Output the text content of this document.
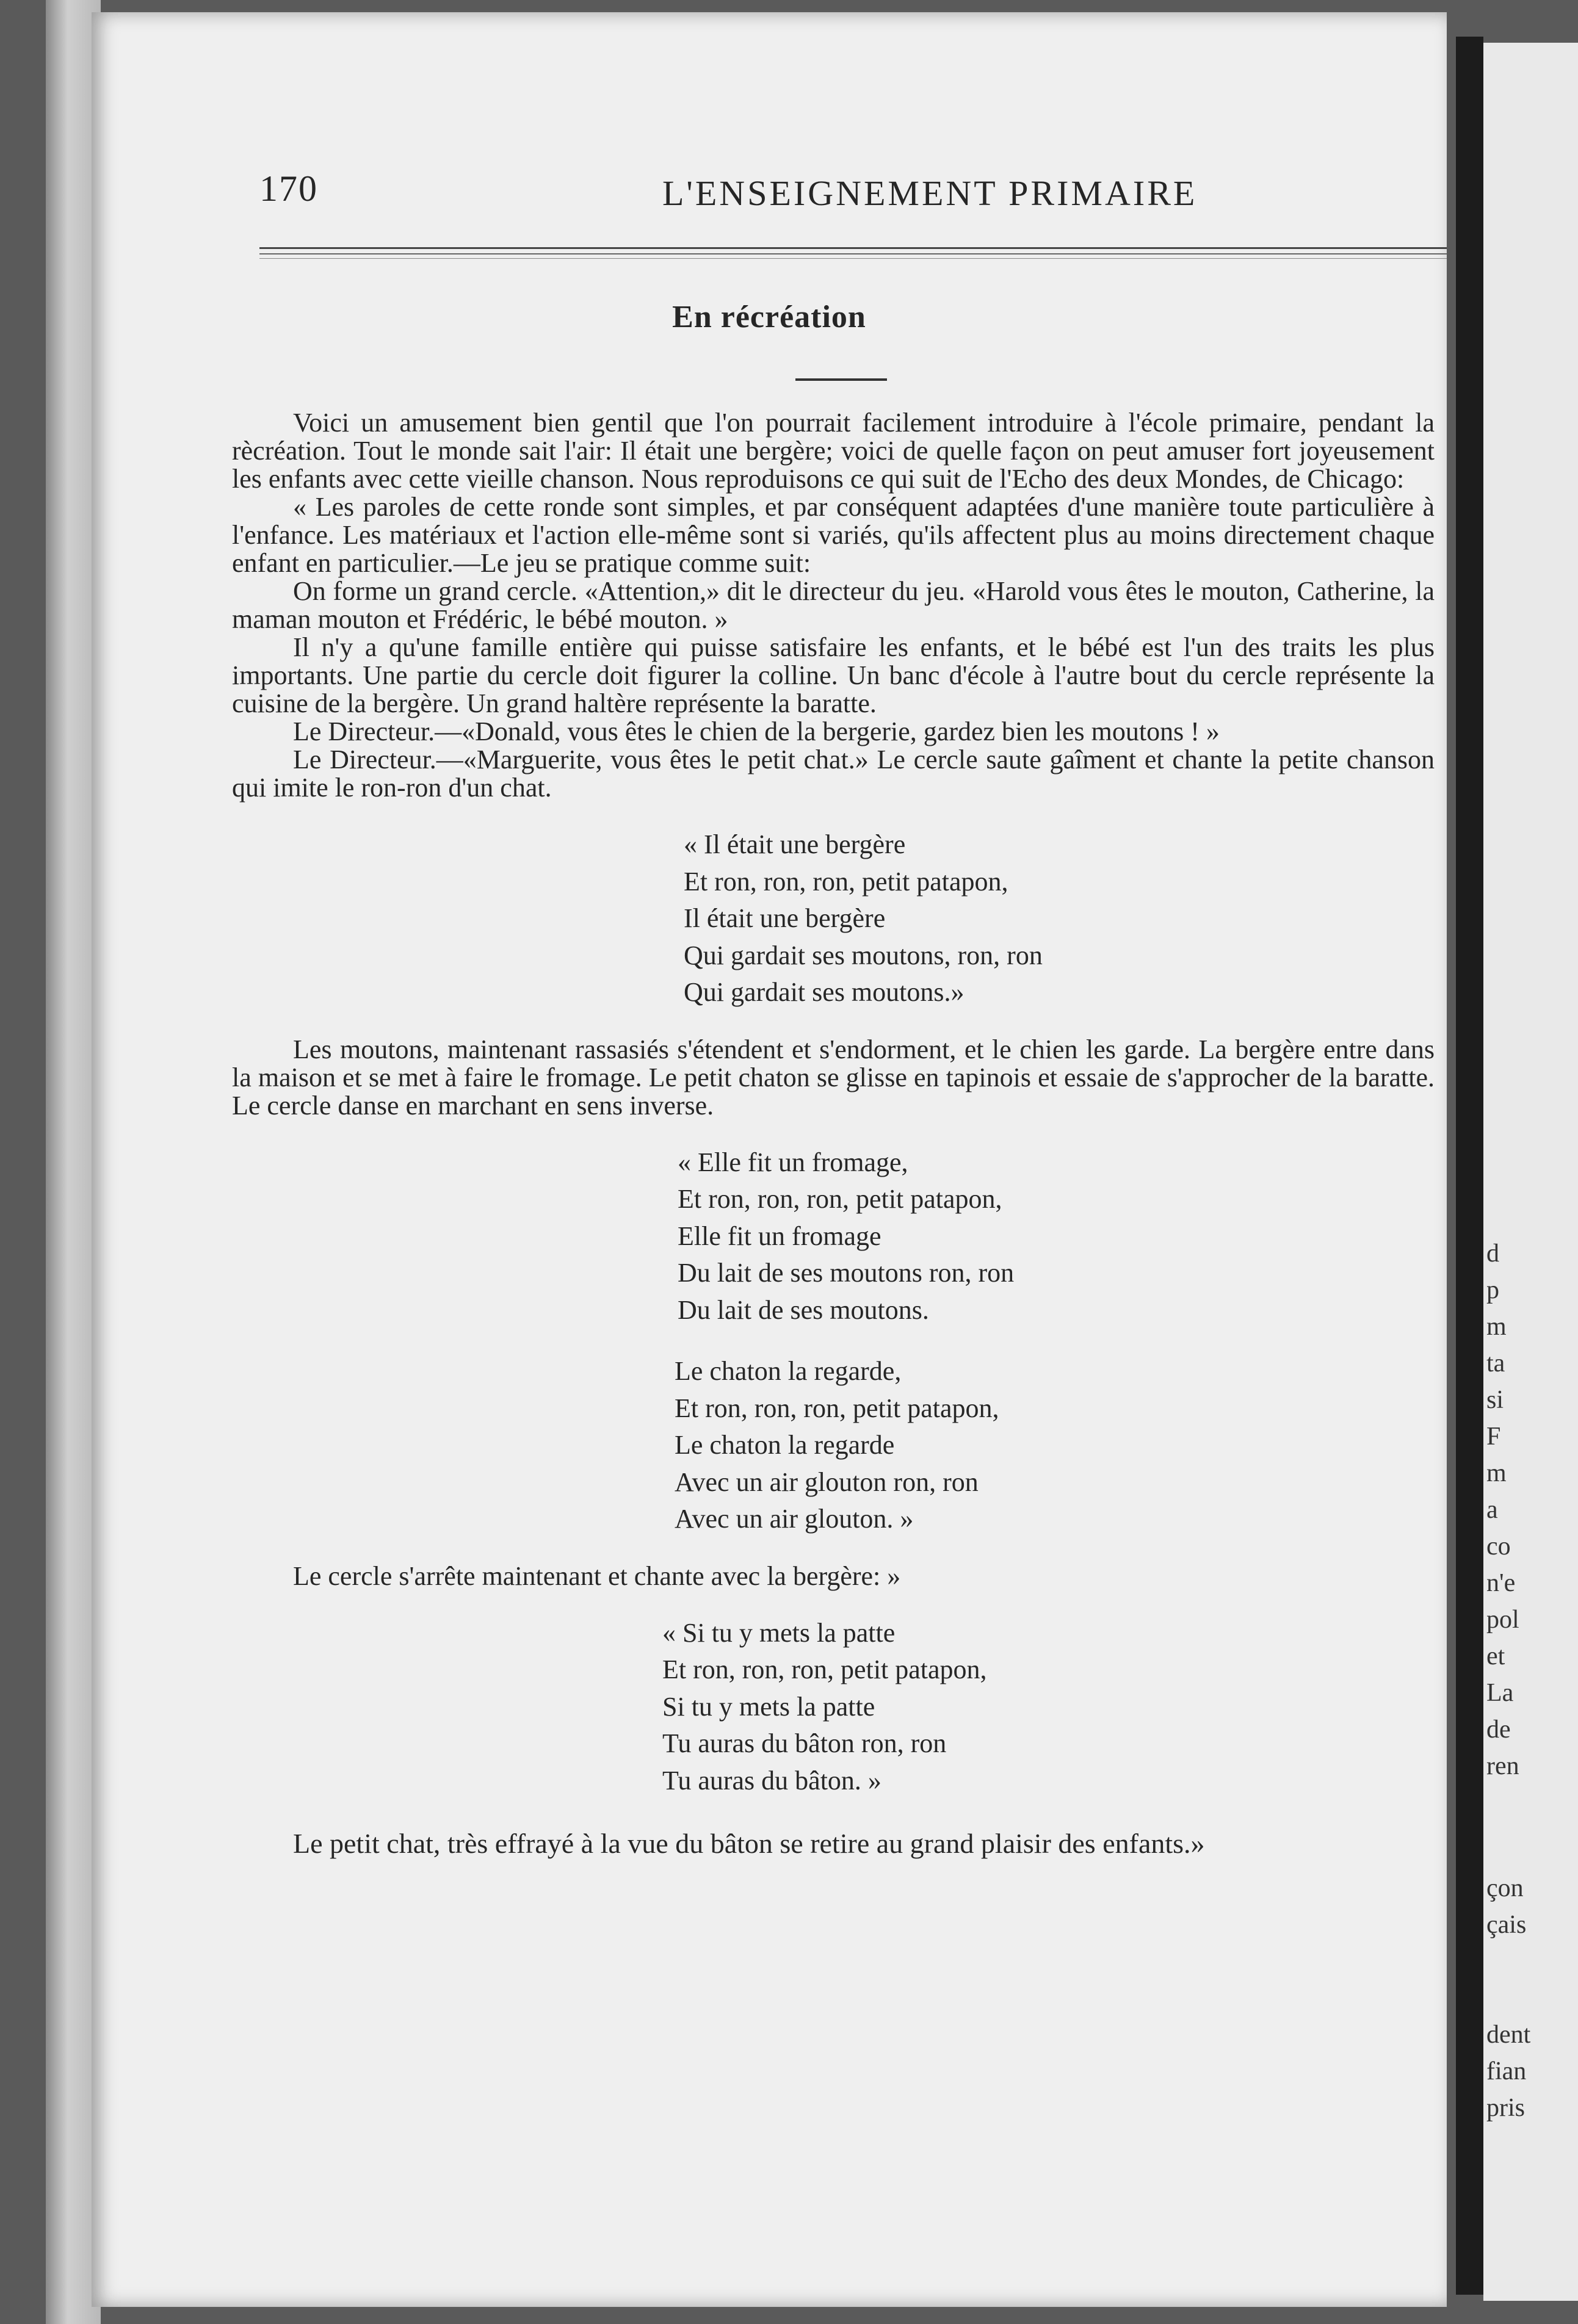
170	L'ENSEIGNEMENT PRIMAIRE
En récréation

Voici un amusement bien gentil que l'on pourrait facilement introduire à l'école primaire, pendant la rècréation. Tout le monde sait l'air: Il était une bergère; voici de quelle façon on peut amuser fort joyeusement les enfants avec cette vieille chanson. Nous reproduisons ce qui suit de l'Echo des deux Mondes, de Chicago:

« Les paroles de cette ronde sont simples, et par conséquent adaptées d'une manière toute particulière à l'enfance. Les matériaux et l'action elle-même sont si variés, qu'ils affectent plus au moins directement chaque enfant en particulier.—Le jeu se pratique comme suit:

On forme un grand cercle. «Attention,» dit le directeur du jeu. «Harold vous êtes le mouton, Catherine, la maman mouton et Frédéric, le bébé mouton. »

Il n'y a qu'une famille entière qui puisse satisfaire les enfants, et le bébé est l'un des traits les plus importants. Une partie du cercle doit figurer la colline. Un banc d'école à l'autre bout du cercle représente la cuisine de la bergère. Un grand haltère représente la baratte.

Le Directeur.—«Donald, vous êtes le chien de la bergerie, gardez bien les moutons ! »

Le Directeur.—«Marguerite, vous êtes le petit chat.» Le cercle saute gaîment et chante la petite chanson qui imite le ron-ron d'un chat.

« Il était une bergère
Et ron, ron, ron, petit patapon,
Il était une bergère
Qui gardait ses moutons, ron, ron
Qui gardait ses moutons.»

Les moutons, maintenant rassasiés s'étendent et s'endorment, et le chien les garde. La bergère entre dans la maison et se met à faire le fromage. Le petit chaton se glisse en tapinois et essaie de s'approcher de la baratte. Le cercle danse en marchant en sens inverse.

« Elle fit un fromage,
Et ron, ron, ron, petit patapon,
Elle fit un fromage
Du lait de ses moutons ron, ron
Du lait de ses moutons.
Le chaton la regarde,
Et ron, ron, ron, petit patapon,
Le chaton la regarde
Avec un air glouton ron, ron
Avec un air glouton. »

Le cercle s'arrête maintenant et chante avec la bergère: »

« Si tu y mets la patte
Et ron, ron, ron, petit patapon,
Si tu y mets la patte
Tu auras du bâton ron, ron
Tu auras du bâton. »

Le petit chat, très effrayé à la vue du bâton se retire au grand plaisir des enfants.»

d
p
m
ta
si
F
m
a
co
n'e
pol
et
La
de
ren
çon
çais
dent
fian
pris
